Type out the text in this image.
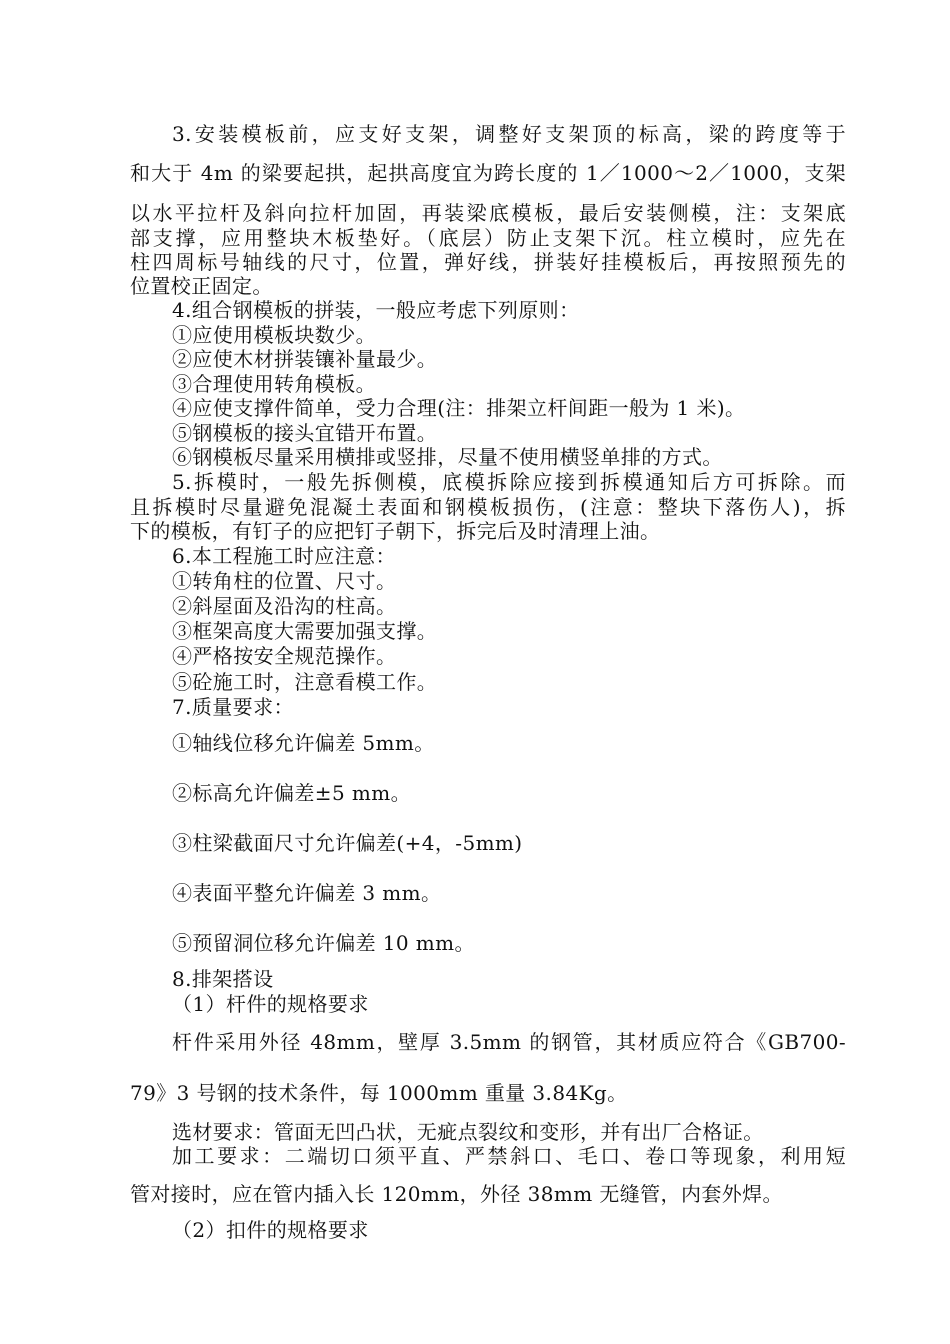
3.安装模板前，应支好支架，调整好支架顶的标高，梁的跨度等于

和大于 4m 的梁要起拱，起拱高度宜为跨长度的 1／1000～2／1000，支架

以水平拉杆及斜向拉杆加固，再装梁底模板，最后安装侧模，注：支架底

部支撑，应用整块木板垫好。（底层）防止支架下沉。柱立模时，应先在

柱四周标号轴线的尺寸，位置，弹好线，拼装好挂模板后，再按照预先的

位置校正固定。

4.组合钢模板的拼装，一般应考虑下列原则：

①应使用模板块数少。

②应使木材拼装镶补量最少。

③合理使用转角模板。

④应使支撑件简单，受力合理(注：排架立杆间距一般为 1 米)。

⑤钢模板的接头宜错开布置。

⑥钢模板尽量采用横排或竖排，尽量不使用横竖单排的方式。

5.拆模时，一般先拆侧模，底模拆除应接到拆模通知后方可拆除。而

且拆模时尽量避免混凝土表面和钢模板损伤，(注意：整块下落伤人)，拆

下的模板，有钉子的应把钉子朝下，拆完后及时清理上油。

6.本工程施工时应注意：

①转角柱的位置、尺寸。

②斜屋面及沿沟的柱高。

③框架高度大需要加强支撑。

④严格按安全规范操作。

⑤砼施工时，注意看模工作。

7.质量要求：

①轴线位移允许偏差 5mm。

②标高允许偏差±5 mm。

③柱梁截面尺寸允许偏差(+4，-5mm)

④表面平整允许偏差 3 mm。

⑤预留洞位移允许偏差 10 mm。

8.排架搭设

（1）杆件的规格要求

杆件采用外径 48mm，壁厚 3.5mm 的钢管，其材质应符合《GB700-

79》3 号钢的技术条件，每 1000mm 重量 3.84Kg。

选材要求：管面无凹凸状，无疵点裂纹和变形，并有出厂合格证。

加工要求：二端切口须平直、严禁斜口、毛口、卷口等现象，利用短

管对接时，应在管内插入长 120mm，外径 38mm 无缝管，内套外焊。

（2）扣件的规格要求
